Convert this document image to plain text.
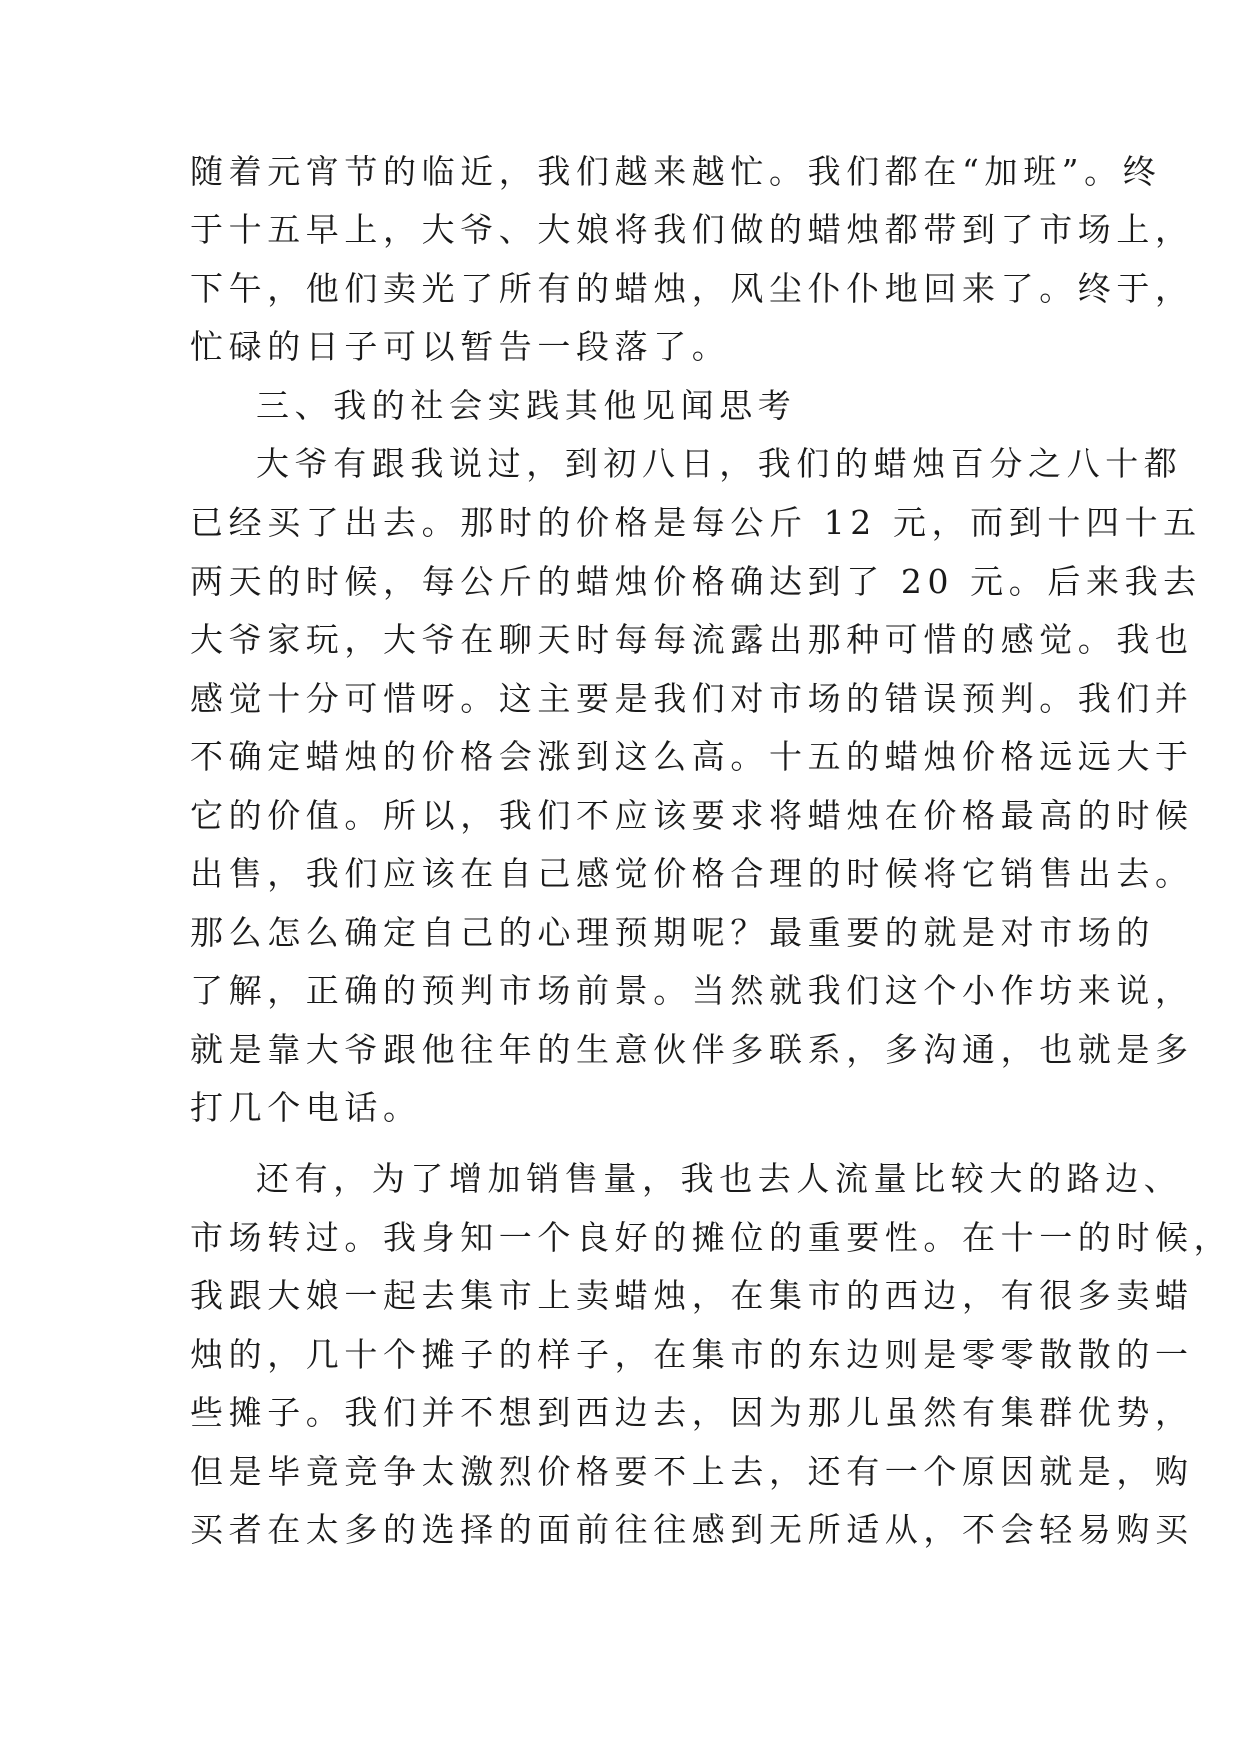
随着元宵节的临近，我们越来越忙。我们都在“加班”。终
于十五早上，大爷、大娘将我们做的蜡烛都带到了市场上，
下午，他们卖光了所有的蜡烛，风尘仆仆地回来了。终于，
忙碌的日子可以暂告一段落了。
三、我的社会实践其他见闻思考
大爷有跟我说过，到初八日，我们的蜡烛百分之八十都
已经买了出去。那时的价格是每公斤 12 元，而到十四十五
两天的时候，每公斤的蜡烛价格确达到了 20 元。后来我去
大爷家玩，大爷在聊天时每每流露出那种可惜的感觉。我也
感觉十分可惜呀。这主要是我们对市场的错误预判。我们并
不确定蜡烛的价格会涨到这么高。十五的蜡烛价格远远大于
它的价值。所以，我们不应该要求将蜡烛在价格最高的时候
出售，我们应该在自己感觉价格合理的时候将它销售出去。
那么怎么确定自己的心理预期呢？最重要的就是对市场的
了解，正确的预判市场前景。当然就我们这个小作坊来说，
就是靠大爷跟他往年的生意伙伴多联系，多沟通，也就是多
打几个电话。
还有，为了增加销售量，我也去人流量比较大的路边、
市场转过。我身知一个良好的摊位的重要性。在十一的时候，
我跟大娘一起去集市上卖蜡烛，在集市的西边，有很多卖蜡
烛的，几十个摊子的样子，在集市的东边则是零零散散的一
些摊子。我们并不想到西边去，因为那儿虽然有集群优势，
但是毕竟竞争太激烈价格要不上去，还有一个原因就是，购
买者在太多的选择的面前往往感到无所适从，不会轻易购买
